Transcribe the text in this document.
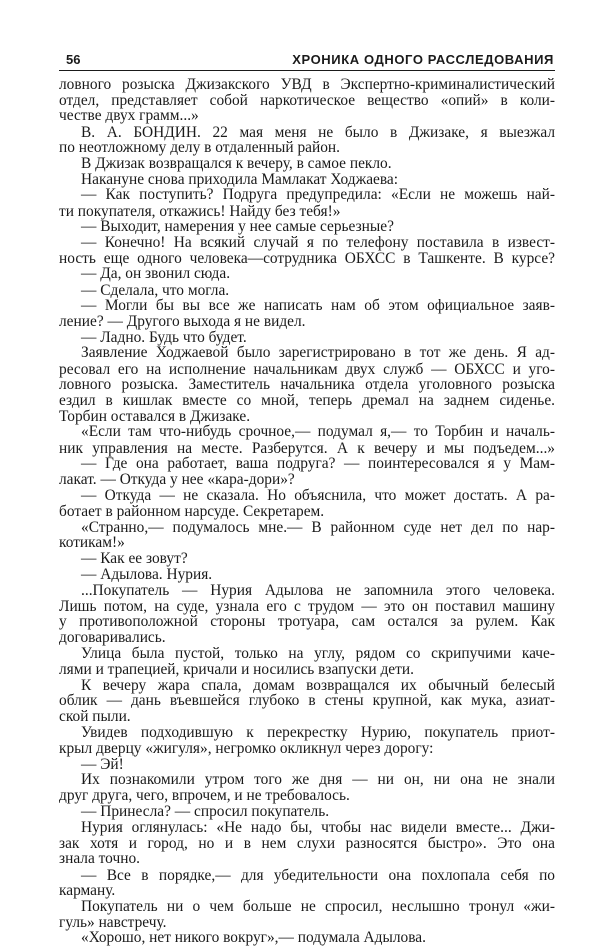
56	ХРОНИКА ОДНОГО РАССЛЕДОВАНИЯ
ловного розыска Джизакского УВД в Экспертно-криминалистический
отдел, представляет собой наркотическое вещество «опий» в коли-
честве двух грамм...»
В. А. БОНДИН. 22 мая меня не было в Джизаке, я выезжал
по неотложному делу в отдаленный район.
В Джизак возвращался к вечеру, в самое пекло.
Накануне снова приходила Мамлакат Ходжаева:
— Как поступить? Подруга предупредила: «Если не можешь най-
ти покупателя, откажись! Найду без тебя!»
— Выходит, намерения у нее самые серьезные?
— Конечно! На всякий случай я по телефону поставила в извест-
ность еще одного человека—сотрудника ОБХСС в Ташкенте. В курсе?
— Да, он звонил сюда.
— Сделала, что могла.
— Могли бы вы все же написать нам об этом официальное заяв-
ление? — Другого выхода я не видел.
— Ладно. Будь что будет.
Заявление Ходжаевой было зарегистрировано в тот же день. Я ад-
ресовал его на исполнение начальникам двух служб — ОБХСС и уго-
ловного розыска. Заместитель начальника отдела уголовного розыска
ездил в кишлак вместе со мной, теперь дремал на заднем сиденье.
Торбин оставался в Джизаке.
«Если там что-нибудь срочное,— подумал я,— то Торбин и началь-
ник управления на месте. Разберутся. А к вечеру и мы подъедем...»
— Где она работает, ваша подруга? — поинтересовался я у Мам-
лакат. — Откуда у нее «кара-дори»?
— Откуда — не сказала. Но объяснила, что может достать. А ра-
ботает в районном нарсуде. Секретарем.
«Странно,— подумалось мне.— В районном суде нет дел по нар-
котикам!»
— Как ее зовут?
— Адылова. Нурия.
...Покупатель — Нурия Адылова не запомнила этого человека.
Лишь потом, на суде, узнала его с трудом — это он поставил машину
у противоположной стороны тротуара, сам остался за рулем. Как
договаривались.
Улица была пустой, только на углу, рядом со скрипучими каче-
лями и трапецией, кричали и носились взапуски дети.
К вечеру жара спала, домам возвращался их обычный белесый
облик — дань въевшейся глубоко в стены крупной, как мука, азиат-
ской пыли.
Увидев подходившую к перекрестку Нурию, покупатель приот-
крыл дверцу «жигуля», негромко окликнул через дорогу:
— Эй!
Их познакомили утром того же дня — ни он, ни она не знали
друг друга, чего, впрочем, и не требовалось.
— Принесла? — спросил покупатель.
Нурия оглянулась: «Не надо бы, чтобы нас видели вместе... Джи-
зак хотя и город, но и в нем слухи разносятся быстро». Это она
знала точно.
— Все в порядке,— для убедительности она похлопала себя по
карману.
Покупатель ни о чем больше не спросил, неслышно тронул «жи-
гуль» навстречу.
«Хорошо, нет никого вокруг»,— подумала Адылова.
